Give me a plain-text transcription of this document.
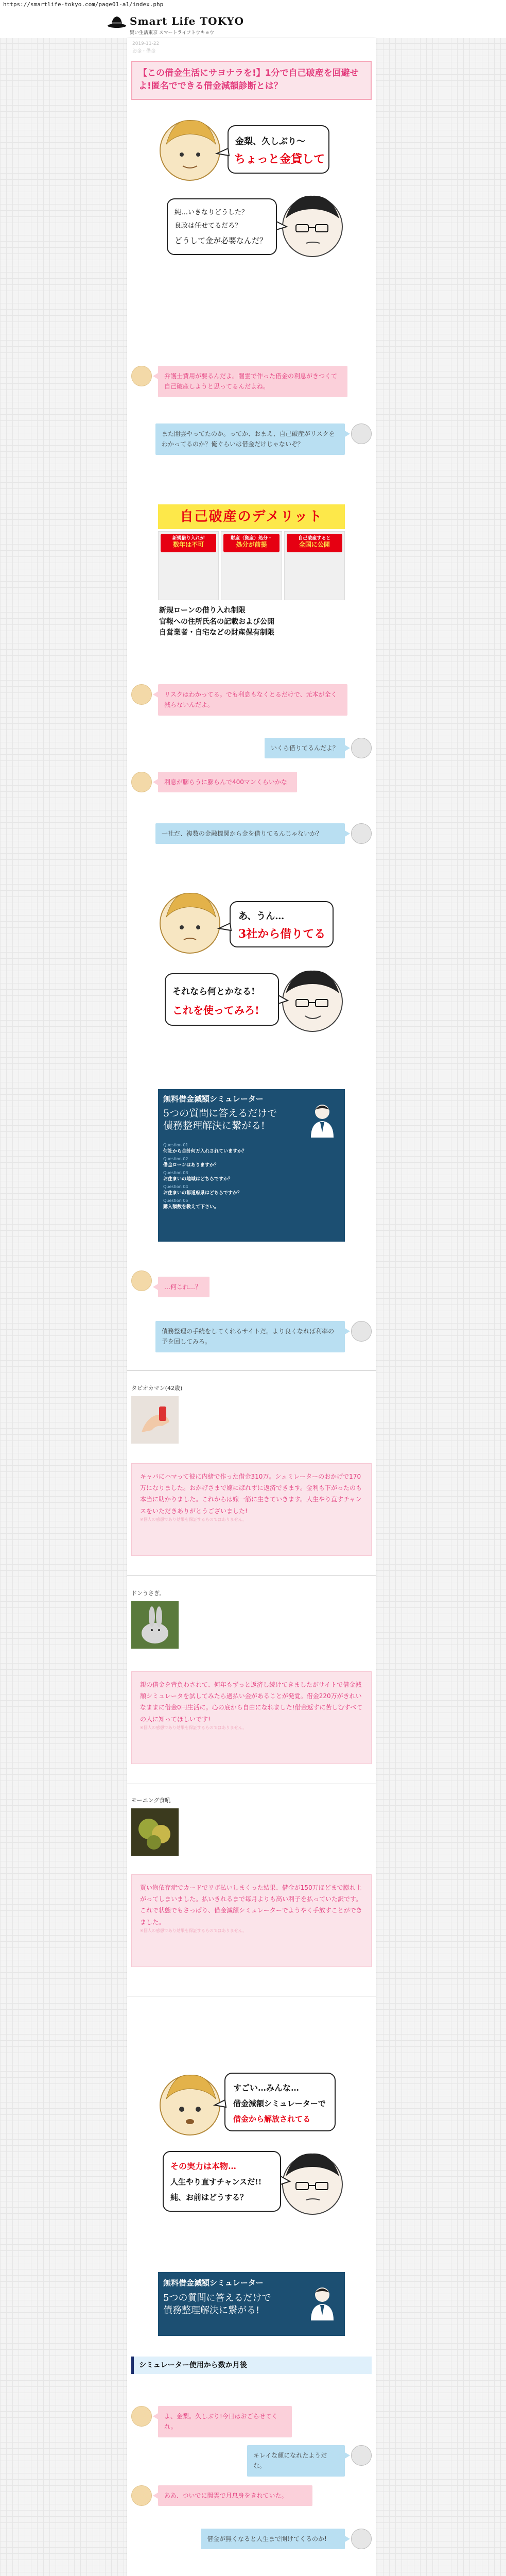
https://smartlife-tokyo.com/page01-a1/index.php
Smart Life TOKYO
賢い生活東京 スマートライフトウキョウ
2019-11-22
お金・借金
【この借金生活にサヨナラを!】1分で自己破産を回避せよ!匿名でできる借金減額診断とは？
金梨、久しぶり～
ちょっと金貸して
純…いきなりどうした？
良政は任せてるだろ？
どうして金が必要なんだ？
弁護士費用が要るんだよ。闇雲で作った借金の利息がきつくて自己破産しようと思ってるんだよね。
また闇雲やってたのか。ってか、おまえ、自己破産がリスクをわかってるのか？俺ぐらいは借金だけじゃないぞ？
自己破産のデメリット
新規借り入れが
数年は不可
財産（資産）処分・
処分が前提
自己破産すると
全国に公開
新規ローンの借り入れ制限
官報への住所氏名の記載および公開
自営業者・自宅などの財産保有制限
リスクはわかってる。でも利息もなくとるだけで、元本が全く減らないんだよ。
いくら借りてるんだよ？
利息が膨らうに膨らんで400マンくらいかな
一社だ、複数の金融機関から金を借りてるんじゃないか？
あ、うん…
3社から借りてる
それなら何とかなる!
これを使ってみろ!
無料借金減額シミュレーター
5つの質問に答えるだけで
債務整理解決に繋がる!
Question 01
何社から合計何万入れされていますか？
Question 02
借金ローンはありますか？
Question 03
お住まいの地域はどちらですか？
Question 04
お住まいの都道府県はどちらですか？
Question 05
購入額数を教えて下さい。
…何これ…？
債務整理の手続をしてくれるサイトだ。より良くなれば利率の予を回してみろ。
タピオカマン(42歳)
キャバにハマって彼に内緒で作った借金310万。シュミレーターのおかげで170万になりました。おかげさまで嫁にばれずに返済できます。金利も下がったのも本当に助かりました。これからは嫁一筋に生きていきます。人生やり直すチャンスをいただきありがとうございました!
※個人の感想であり効果を保証するものではありません。
ドンうさぎ。
親の借金を背負わされて、何年もずっと返済し続けてきましたがサイトで借金減額シミュレータを試してみたら過払い金があることが発覚。借金220万がきれいなままに借金0円生活に。心の底から自由になれました!借金返すに苦しむすべての人に知ってほしいです!
※個人の感想であり効果を保証するものではありません。
モーニング食吼
買い物依存症でカードでリボ払いしまくった結果、借金が150万ほどまで膨れ上がってしまいました。払いきれるまで毎月よりも高い利子を払っていた訳です。これで状態でもさっぱり、借金減額シミュレーターでようやく手放すことができました。
※個人の感想であり効果を保証するものではありません。
すごい…みんな…
借金減額シミュレーターで
借金から解放されてる
その実力は本物…
人生やり直すチャンスだ!!
純、お前はどうする？
無料借金減額シミュレーター
5つの質問に答えるだけで
債務整理解決に繋がる!
シミュレーター使用から数か月後
よ、金梨。久しぶり!今日はおごらせてくれ。
キレイな顔になれたようだな。
ああ、ついでに闇雲で月息身をきれていた。
借金が無くなると人生まで開けてくるのか!
